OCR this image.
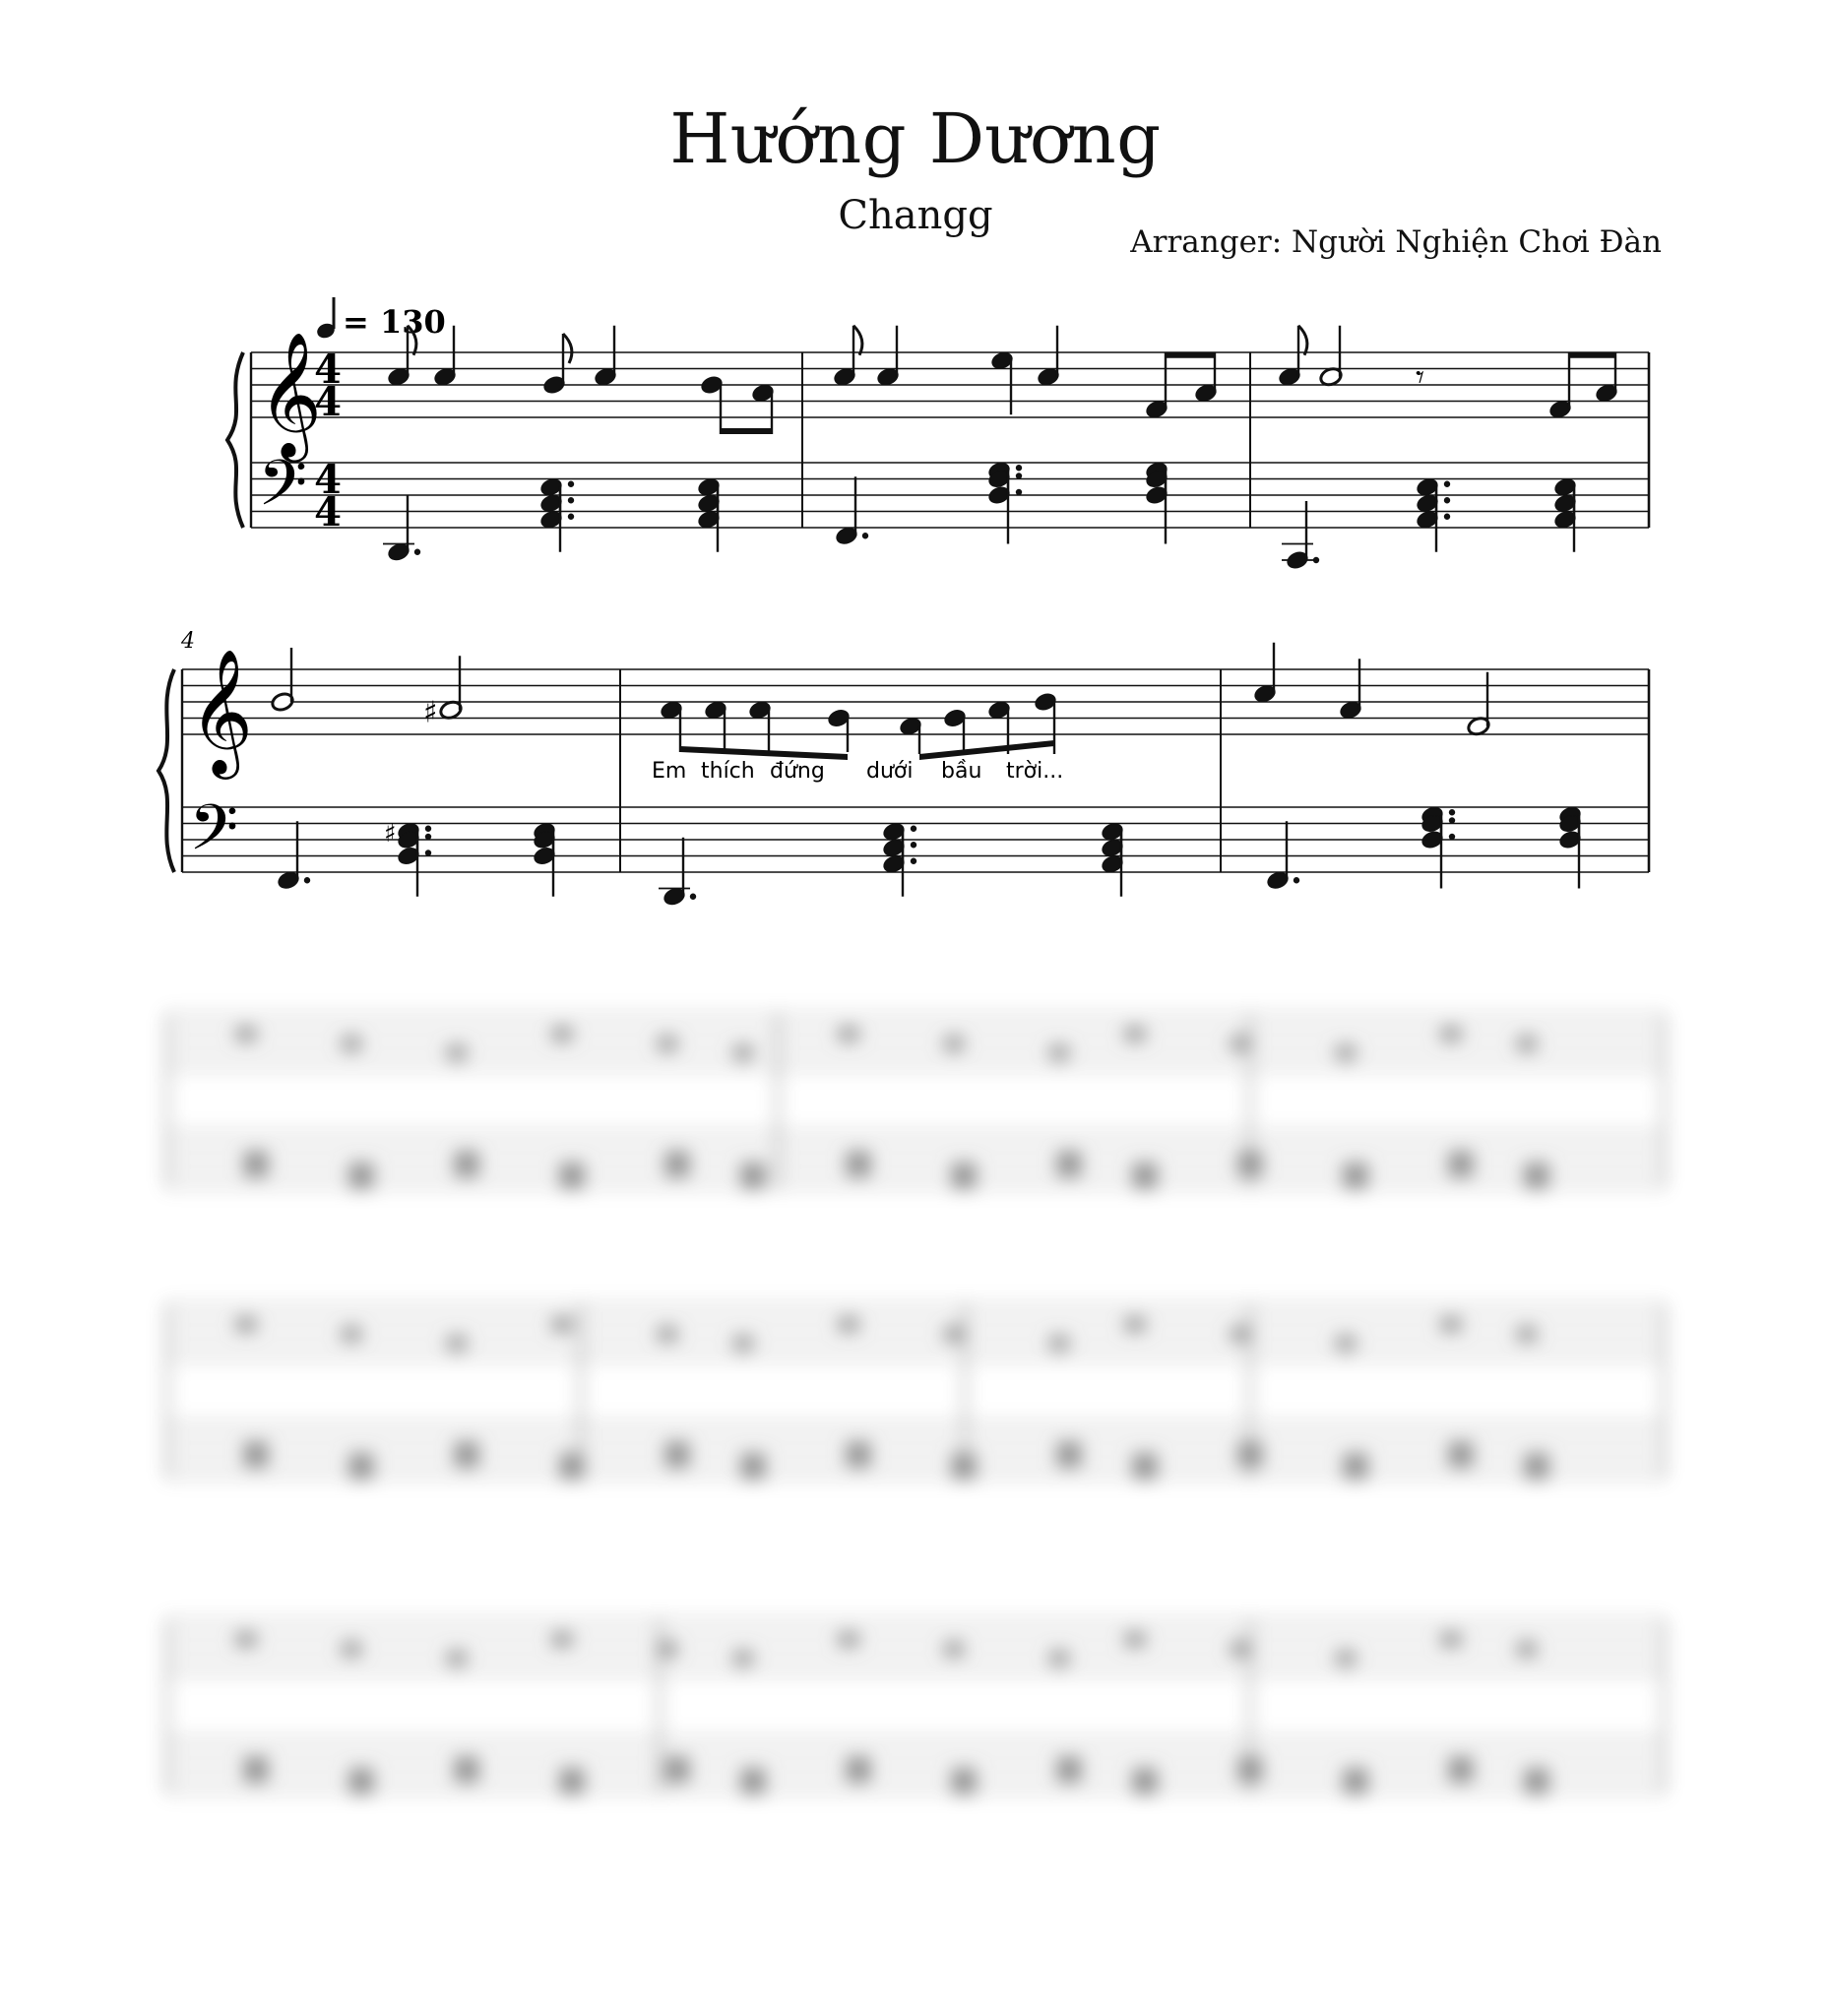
Hướng Dương
Changg
Arranger: Người Nghiện Chơi Đàn
= 130
𝄞
𝄢
4
4
4
4
𝄾
4
𝄞
𝄢
♯
Em thích đứng dưới bầu trời...
♯
